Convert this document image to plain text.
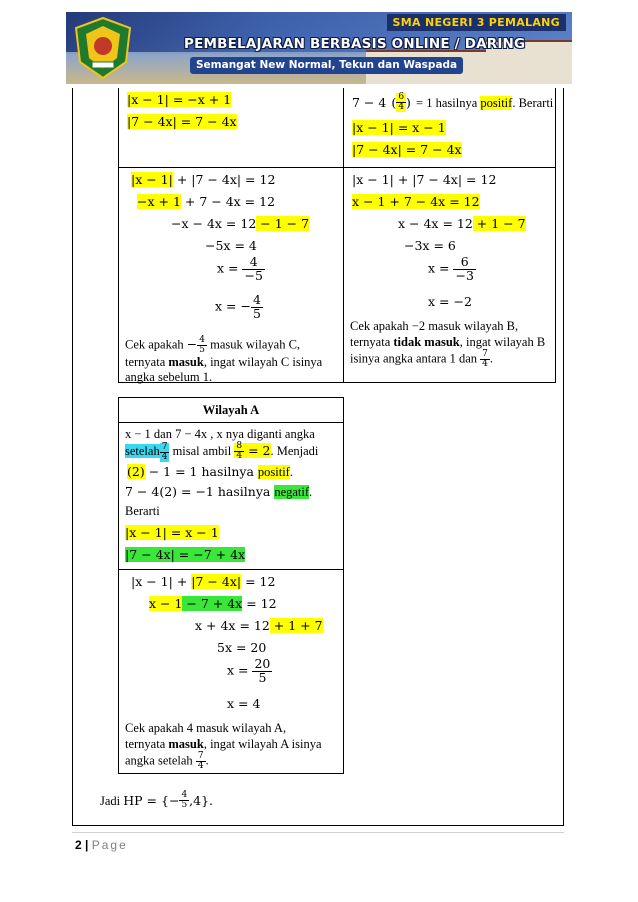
SMA NEGERI 3 PEMALANG
PEMBELAJARAN BERBASIS ONLINE / DARING
Semangat New Normal, Tekun dan Waspada
|x − 1| = −x + 1
|7 − 4x| = 7 − 4x
7 − 4 ( $\frac{6}{4}$ ) = 1 hasilnya positif. Berarti
|x − 1| = x − 1
|7 − 4x| = 7 − 4x
|x − 1| + |7 − 4x| = 12
−x + 1 + 7 − 4x = 12
−x − 4x = 12 − 1 − 7
−5x = 4
$x = \frac{4}{-5}$
x = − $\frac{4}{5}$
Cek apakah − $\frac{4}{5}$ masuk wilayah C,
ternyata masuk, ingat wilayah C isinya
angka sebelum 1.
|x − 1| + |7 − 4x| = 12
x − 1 + 7 − 4x = 12
x − 4x = 12 + 1 − 7
−3x = 6
$x = \frac{6}{-3}$
x = −2
Cek apakah −2 masuk wilayah B,
ternyata tidak masuk, ingat wilayah B
isinya angka antara 1 dan $\frac{7}{4}$ .
Wilayah A
x − 1 dan 7 − 4x , x nya diganti angka
setelah $\frac{7}{4}$ misal ambil $\frac{8}{4} = 2$. Menjadi
(2) − 1 = 1 hasilnya positif.
7 − 4(2) = −1 hasilnya negatif.
Berarti
|x − 1| = x − 1
|7 − 4x| = −7 + 4x
|x − 1| + |7 − 4x| = 12
x − 1 − 7 + 4x = 12
x + 4x = 12 + 1 + 7
5x = 20
$x = \frac{20}{5}$
x = 4
Cek apakah 4 masuk wilayah A,
ternyata masuk, ingat wilayah A isinya
angka setelah $\frac{7}{4}$ .
Jadi HP = {− $\frac{4}{5} ,4$}.
2 | Page
